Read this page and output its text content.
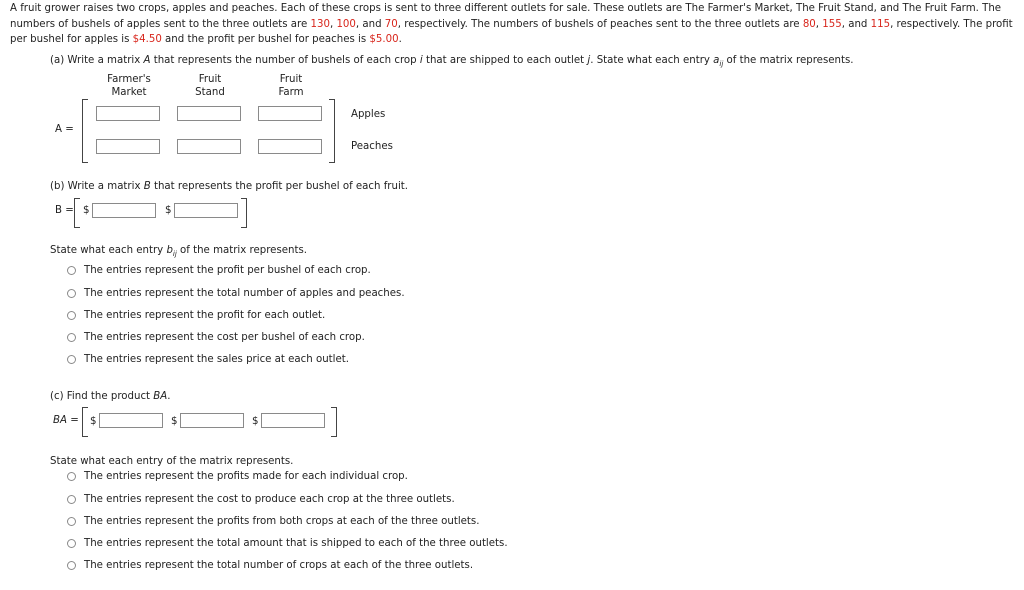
A fruit grower raises two crops, apples and peaches. Each of these crops is sent to three different outlets for sale. These outlets are The Farmer's Market, The Fruit Stand, and The Fruit Farm. The
numbers of bushels of apples sent to the three outlets are 130, 100, and 70, respectively. The numbers of bushels of peaches sent to the three outlets are 80, 155, and 115, respectively. The profit
per bushel for apples is $4.50 and the profit per bushel for peaches is $5.00.
(a) Write a matrix A that represents the number of bushels of each crop i that are shipped to each outlet j. State what each entry $a_{ij}$ of the matrix represents.
Farmer's
Market
Fruit
Stand
Fruit
Farm
A =
Apples
Peaches
(b) Write a matrix B that represents the profit per bushel of each fruit.
B = $	$
State what each entry $b_{ij}$ of the matrix represents.
The entries represent the profit per bushel of each crop.
The entries represent the total number of apples and peaches.
The entries represent the profit for each outlet.
The entries represent the cost per bushel of each crop.
The entries represent the sales price at each outlet.
(c) Find the product BA.
BA = $	$	$
State what each entry of the matrix represents.
The entries represent the profits made for each individual crop.
The entries represent the cost to produce each crop at the three outlets.
The entries represent the profits from both crops at each of the three outlets.
The entries represent the total amount that is shipped to each of the three outlets.
The entries represent the total number of crops at each of the three outlets.
